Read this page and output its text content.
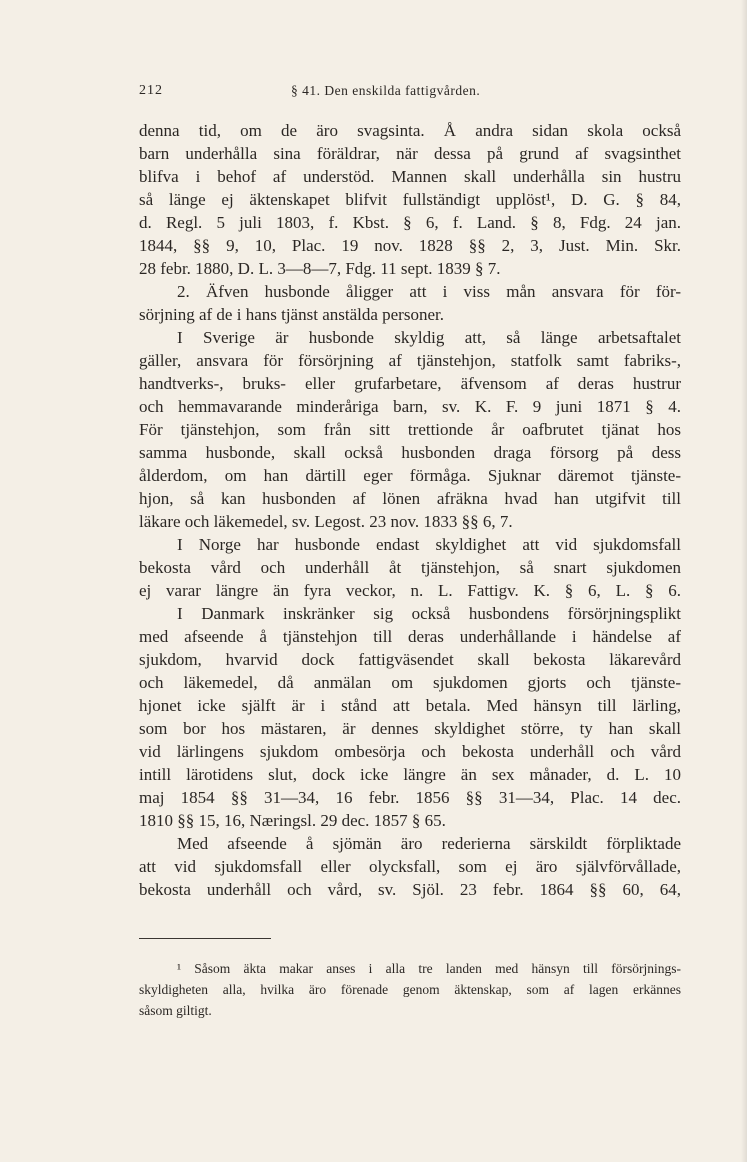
212	§ 41. Den enskilda fattigvården.
denna tid, om de äro svagsinta. Å andra sidan skola också
barn underhålla sina föräldrar, när dessa på grund af svagsinthet
blifva i behof af understöd. Mannen skall underhålla sin hustru
så länge ej äktenskapet blifvit fullständigt upplöst¹, D. G. § 84,
d. Regl. 5 juli 1803, f. Kbst. § 6, f. Land. § 8, Fdg. 24 jan.
1844, §§ 9, 10, Plac. 19 nov. 1828 §§ 2, 3, Just. Min. Skr.
28 febr. 1880, D. L. 3—8—7, Fdg. 11 sept. 1839 § 7.
2. Äfven husbonde åligger att i viss mån ansvara för för-
sörjning af de i hans tjänst anstälda personer.
I Sverige är husbonde skyldig att, så länge arbetsaftalet
gäller, ansvara för försörjning af tjänstehjon, statfolk samt fabriks-,
handtverks-, bruks- eller grufarbetare, äfvensom af deras hustrur
och hemmavarande minderåriga barn, sv. K. F. 9 juni 1871 § 4.
För tjänstehjon, som från sitt trettionde år oafbrutet tjänat hos
samma husbonde, skall också husbonden draga försorg på dess
ålderdom, om han därtill eger förmåga. Sjuknar däremot tjänste-
hjon, så kan husbonden af lönen afräkna hvad han utgifvit till
läkare och läkemedel, sv. Legost. 23 nov. 1833 §§ 6, 7.
I Norge har husbonde endast skyldighet att vid sjukdomsfall
bekosta vård och underhåll åt tjänstehjon, så snart sjukdomen
ej varar längre än fyra veckor, n. L. Fattigv. K. § 6, L. § 6.
I Danmark inskränker sig också husbondens försörjningsplikt
med afseende å tjänstehjon till deras underhållande i händelse af
sjukdom, hvarvid dock fattigväsendet skall bekosta läkarevård
och läkemedel, då anmälan om sjukdomen gjorts och tjänste-
hjonet icke själft är i stånd att betala. Med hänsyn till lärling,
som bor hos mästaren, är dennes skyldighet större, ty han skall
vid lärlingens sjukdom ombesörja och bekosta underhåll och vård
intill lärotidens slut, dock icke längre än sex månader, d. L. 10
maj 1854 §§ 31—34, 16 febr. 1856 §§ 31—34, Plac. 14 dec.
1810 §§ 15, 16, Næringsl. 29 dec. 1857 § 65.
Med afseende å sjömän äro rederierna särskildt förpliktade
att vid sjukdomsfall eller olycksfall, som ej äro självförvållade,
bekosta underhåll och vård, sv. Sjöl. 23 febr. 1864 §§ 60, 64,
¹ Såsom äkta makar anses i alla tre landen med hänsyn till försörjnings-
skyldigheten alla, hvilka äro förenade genom äktenskap, som af lagen erkännes
såsom giltigt.
